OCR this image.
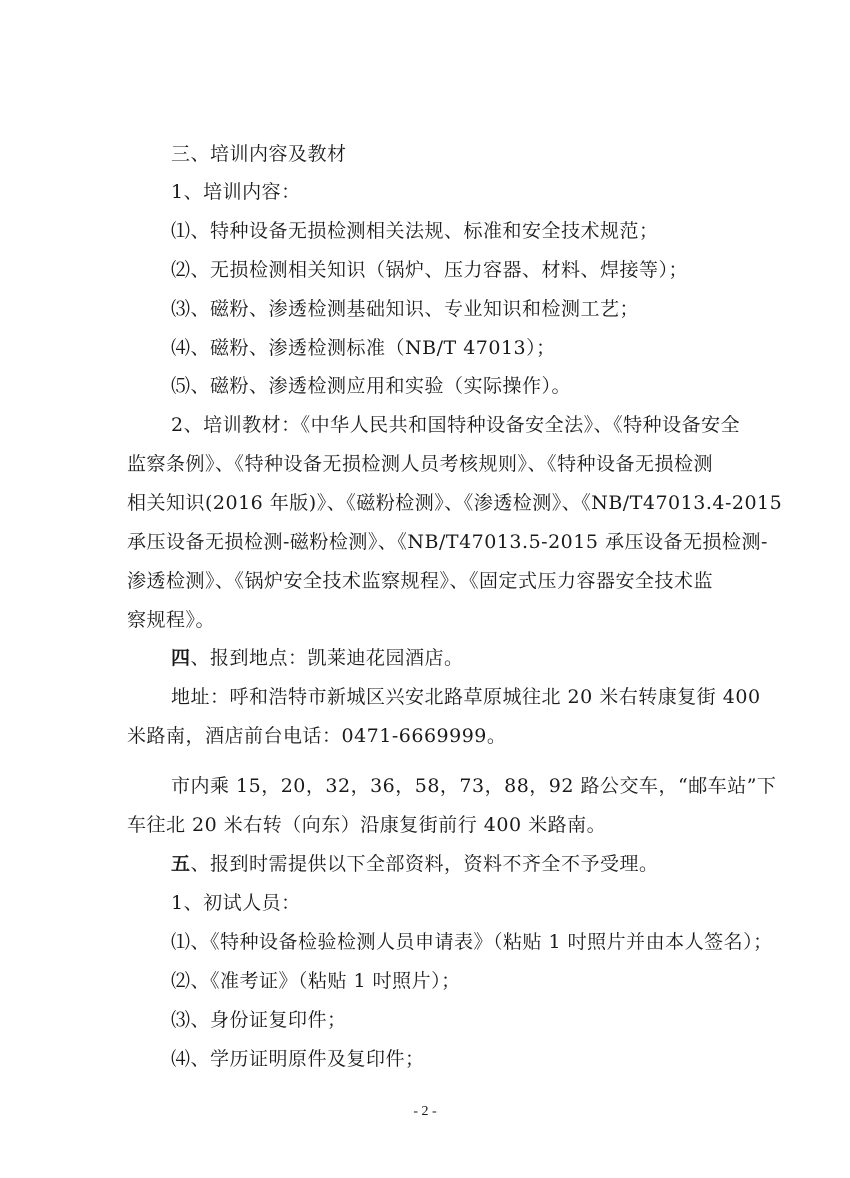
三、培训内容及教材
1、培训内容：
⑴、特种设备无损检测相关法规、标准和安全技术规范；
⑵、无损检测相关知识（锅炉、压力容器、材料、焊接等）；
⑶、磁粉、渗透检测基础知识、专业知识和检测工艺；
⑷、磁粉、渗透检测标准（NB/T 47013）；
⑸、磁粉、渗透检测应用和实验（实际操作）。
2、培训教材：《中华人民共和国特种设备安全法》、《特种设备安全
监察条例》、《特种设备无损检测人员考核规则》、《特种设备无损检测
相关知识(2016 年版)》、《磁粉检测》、《渗透检测》、《NB/T47013.4-2015
承压设备无损检测-磁粉检测》、《NB/T47013.5-2015 承压设备无损检测-
渗透检测》、《锅炉安全技术监察规程》、《固定式压力容器安全技术监
察规程》。
四、报到地点：凯莱迪花园酒店。
地址：呼和浩特市新城区兴安北路草原城往北 20 米右转康复街 400
米路南，酒店前台电话：0471-6669999。
市内乘 15，20，32，36，58，73，88，92 路公交车，“邮车站”下
车往北 20 米右转（向东）沿康复街前行 400 米路南。
五、报到时需提供以下全部资料，资料不齐全不予受理。
1、初试人员：
⑴、《特种设备检验检测人员申请表》（粘贴 1 吋照片并由本人签名）；
⑵、《准考证》（粘贴 1 吋照片）；
⑶、身份证复印件；
⑷、学历证明原件及复印件；
- 2 -
